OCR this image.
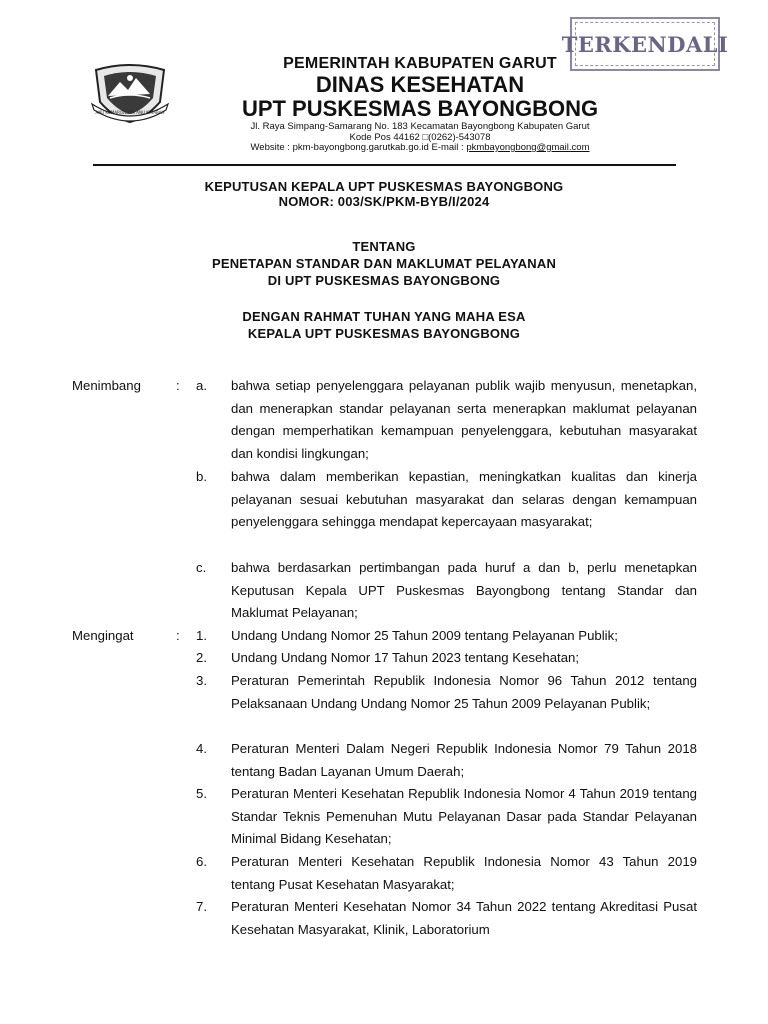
TERKENDALI
ANU KOMARONDOK ANU KATABAH
PEMERINTAH KABUPATEN GARUT
DINAS KESEHATAN
UPT PUSKESMAS BAYONGBONG
Jl. Raya Simpang-Samarang No. 183 Kecamatan Bayongbong Kabupaten Garut
Kode Pos 44162 □(0262)-543078
Website : pkm-bayongbong.garutkab.go.id E-mail : pkmbayongbong@gmail.com
KEPUTUSAN KEPALA UPT PUSKESMAS BAYONGBONG
NOMOR: 003/SK/PKM-BYB/I/2024
TENTANG
PENETAPAN STANDAR DAN MAKLUMAT PELAYANAN
DI UPT PUSKESMAS BAYONGBONG
DENGAN RAHMAT TUHAN YANG MAHA ESA
KEPALA UPT PUSKESMAS BAYONGBONG
Menimbang	: a. bahwa setiap penyelenggara pelayanan publik wajib menyusun, menetapkan, dan menerapkan standar pelayanan serta menerapkan maklumat pelayanan dengan memperhatikan kemampuan penyelenggara, kebutuhan masyarakat dan kondisi lingkungan;
b. bahwa dalam memberikan kepastian, meningkatkan kualitas dan kinerja pelayanan sesuai kebutuhan masyarakat dan selaras dengan kemampuan penyelenggara sehingga mendapat kepercayaan masyarakat;
c. bahwa berdasarkan pertimbangan pada huruf a dan b, perlu menetapkan Keputusan Kepala UPT Puskesmas Bayongbong tentang Standar dan Maklumat Pelayanan;
Mengingat	: 1. Undang Undang Nomor 25 Tahun 2009 tentang Pelayanan Publik;
2. Undang Undang Nomor 17 Tahun 2023 tentang Kesehatan;
3. Peraturan Pemerintah Republik Indonesia Nomor 96 Tahun 2012 tentang Pelaksanaan Undang Undang Nomor 25 Tahun 2009 Pelayanan Publik;
4. Peraturan Menteri Dalam Negeri Republik Indonesia Nomor 79 Tahun 2018 tentang Badan Layanan Umum Daerah;
5. Peraturan Menteri Kesehatan Republik Indonesia Nomor 4 Tahun 2019 tentang Standar Teknis Pemenuhan Mutu Pelayanan Dasar pada Standar Pelayanan Minimal Bidang Kesehatan;
6. Peraturan Menteri Kesehatan Republik Indonesia Nomor 43 Tahun 2019 tentang Pusat Kesehatan Masyarakat;
7. Peraturan Menteri Kesehatan Nomor 34 Tahun 2022 tentang Akreditasi Pusat Kesehatan Masyarakat, Klinik, Laboratorium
